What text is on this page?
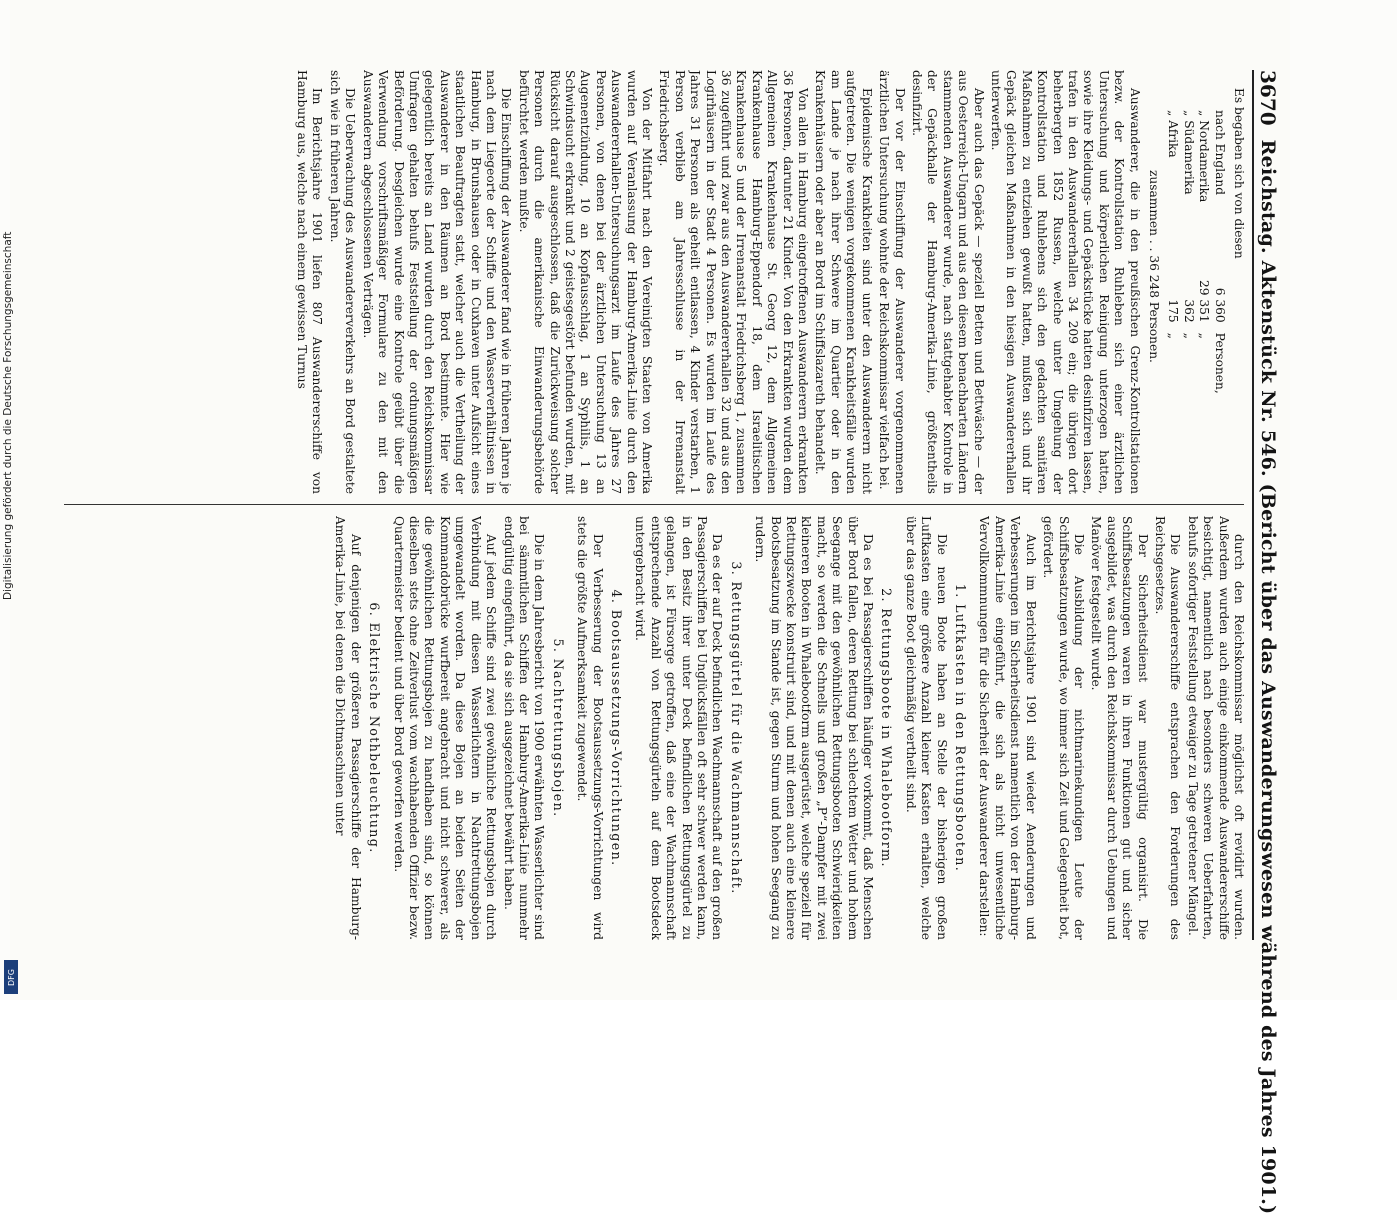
3670
Reichstag. Aktenstück Nr. 546. (Bericht über das Auswanderungswesen während des Jahres 1901.)

Es begaben sich von diesen

nach England
6 360
Personen,
„ Nordamerika
29 351
„
„ Südamerika
362
„
„ Afrika
175
„
zusammen . . 36 248 Personen.

Auswanderer, die in den preußischen Grenz-Kontrollstationen bezw. der Kontrollstation Ruhleben sich einer ärztlichen Untersuchung und körperlichen Reinigung unterzogen hatten, sowie ihre Kleidungs- und Gepäckstücke hatten desinfiziren lassen, trafen in den Auswandererhallen 34 209 ein; die übrigen dort beherbergten 1852 Russen, welche unter Umgehung der Kontrollstation und Ruhlebens sich den gedachten sanitären Maßnahmen zu entziehen gewußt hatten, mußten sich und ihr Gepäck gleichen Maßnahmen in den hiesigen Auswandererhallen unterwerfen.

Aber auch das Gepäck — speziell Betten und Bettwäsche — der aus Oesterreich-Ungarn und aus den diesem benachbarten Ländern stammenden Auswanderer wurde, nach stattgehabter Kontrole in der Gepäckhalle der Hamburg-Amerika-Linie, größtentheils desinfizirt.

Der vor der Einschiffung der Auswanderer vorgenommenen ärztlichen Untersuchung wohnte der Reichskommissar vielfach bei.

Epidemische Krankheiten sind unter den Auswanderern nicht aufgetreten. Die wenigen vorgekommenen Krankheitsfälle wurden am Lande je nach ihrer Schwere im Quartier oder in den Krankenhäusern oder aber an Bord im Schiffslazareth behandelt.

Von allen in Hamburg eingetroffenen Auswanderern erkrankten 36 Personen, darunter 21 Kinder. Von den Erkrankten wurden dem Allgemeinen Krankenhause St. Georg 12, dem Allgemeinen Krankenhause Hamburg-Eppendorf 18, dem Israelitischen Krankenhause 5 und der Irrenanstalt Friedrichsberg 1, zusammen 36 zugeführt und zwar aus den Auswandererhallen 32 und aus den Logirhäusern in der Stadt 4 Personen. Es wurden im Laufe des Jahres 31 Personen als geheilt entlassen, 4 Kinder verstarben, 1 Person verblieb am Jahresschlusse in der Irrenanstalt Friedrichsberg.

Von der Mitfahrt nach den Vereinigten Staaten von Amerika wurden auf Veranlassung der Hamburg-Amerika-Linie durch den Auswandererhallen-Untersuchungsarzt im Laufe des Jahres 27 Personen, von denen bei der ärztlichen Untersuchung 13 an Augenentzündung, 10 an Kopfausschlag, 1 an Syphilis, 1 an Schwindsucht erkrankt und 2 geistesgestört befunden wurden, mit Rücksicht darauf ausgeschlossen, daß die Zurückweisung solcher Personen durch die amerikanische Einwanderungsbehörde befürchtet werden mußte.

Die Einschiffung der Auswanderer fand wie in früheren Jahren je nach dem Liegeorte der Schiffe und den Wasserverhältnissen in Hamburg, in Brunshausen oder in Cuxhaven unter Aufsicht eines staatlichen Beauftragten statt, welcher auch die Vertheilung der Auswanderer in den Räumen an Bord bestimmte. Hier wie gelegentlich bereits an Land wurden durch den Reichskommissar Umfragen gehalten behufs Feststellung der ordnungsmäßigen Beförderung. Desgleichen wurde eine Kontrole geübt über die Verwendung vorschriftsmäßiger Formulare zu den mit den Auswanderern abgeschlossenen Verträgen.

Die Ueberwachung des Auswandererverkehrs an Bord gestaltete sich wie in früheren Jahren.

Im Berichtsjahre 1901 liefen 807 Auswandererschiffe von Hamburg aus, welche nach einem gewissen Turnus

durch den Reichskommissar möglichst oft revidirt wurden. Außerdem wurden auch einige einkommende Auswandererschiffe besichtigt, namentlich nach besonders schweren Ueberfahrten, behufs sofortiger Feststellung etwaiger zu Tage getretener Mängel.

Die Auswandererschiffe entsprachen den Forderungen des Reichsgesetzes.

Der Sicherheitsdienst war mustergültig organisirt. Die Schiffsbesatzungen waren in ihren Funktionen gut und sicher ausgebildet, was durch den Reichskommissar durch Uebungen und Manöver festgestellt wurde.

Die Ausbildung der nichtmarinekundigen Leute der Schiffsbesatzungen wurde, wo immer sich Zeit und Gelegenheit bot, gefördert.

Auch im Berichtsjahre 1901 sind wieder Aenderungen und Verbesserungen im Sicherheitsdienst namentlich von der Hamburg-Amerika-Linie eingeführt, die sich als nicht unwesentliche Vervollkommnungen für die Sicherheit der Auswanderer darstellen:

1. Luftkasten in den Rettungsbooten.

Die neuen Boote haben an Stelle der bisherigen großen Luftkasten eine größere Anzahl kleiner Kasten erhalten, welche über das ganze Boot gleichmäßig vertheilt sind.

2. Rettungsboote in Whalebootform.

Da es bei Passagierschiffen häufiger vorkommt, daß Menschen über Bord fallen, deren Rettung bei schlechtem Wetter und hohem Seegange mit den gewöhnlichen Rettungsbooten Schwierigkeiten macht, so werden die Schnells und großen „P“-Dampfer mit zwei kleineren Booten in Whalebootform ausgerüstet, welche speziell für Rettungszwecke konstruirt sind, und mit denen auch eine kleinere Bootsbesatzung im Stande ist, gegen Sturm und hohen Seegang zu rudern.

3. Rettungsgürtel für die Wachmannschaft.

Da es der auf Deck befindlichen Wachmannschaft auf den großen Passagierschiffen bei Unglücksfällen oft sehr schwer werden kann, in den Besitz ihrer unter Deck befindlichen Rettungsgürtel zu gelangen, ist Fürsorge getroffen, daß eine der Wachmannschaft entsprechende Anzahl von Rettungsgürteln auf dem Bootsdeck untergebracht wird.

4. Bootsaussetzungs-Vorrichtungen.

Der Verbesserung der Bootsaussetzungs-Vorrichtungen wird stets die größte Aufmerksamkeit zugewendet.

5. Nachtrettungsbojen.

Die in dem Jahresbericht von 1900 erwähnten Wasserlichter sind bei sämmtlichen Schiffen der Hamburg-Amerika-Linie nunmehr endgültig eingeführt, da sie sich ausgezeichnet bewährt haben.

Auf jedem Schiffe sind zwei gewöhnliche Rettungsbojen durch Verbindung mit diesen Wasserlichtern in Nachtrettungsbojen umgewandelt worden. Da diese Bojen an beiden Seiten der Kommandobrücke wurfbereit angebracht und nicht schwerer, als die gewöhnlichen Rettungsbojen zu handhaben sind, so können dieselben stets ohne Zeitverlust vom wachhabenden Offizier bezw. Quartermeister bedient und über Bord geworfen werden.

6. Elektrische Nothbeleuchtung.

Auf denjenigen der größeren Passagierschiffe der Hamburg-Amerika-Linie, bei denen die Dichtmaschinen unter

Digitalisierung gefördert durch die Deutsche Forschungsgemeinschaft
DFG
